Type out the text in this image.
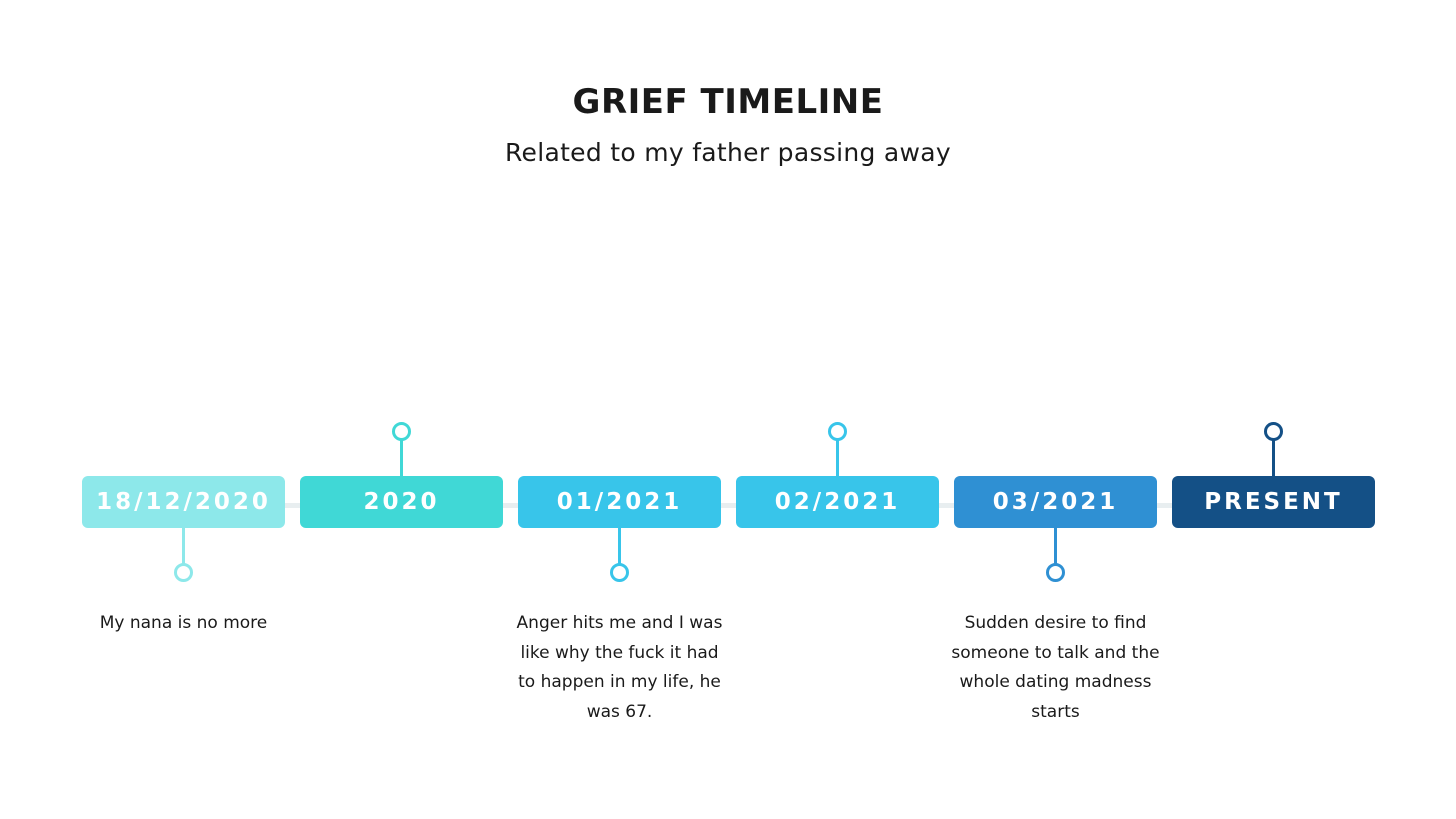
GRIEF TIMELINE

Related to my father passing away

18/12/2020

My nana is no more

2020	01/2021

Anger hits me and I was like why the fuck it had to happen in my life, he was 67.

02/2021	03/2021

Sudden desire to find someone to talk and the whole dating madness starts

PRESENT
